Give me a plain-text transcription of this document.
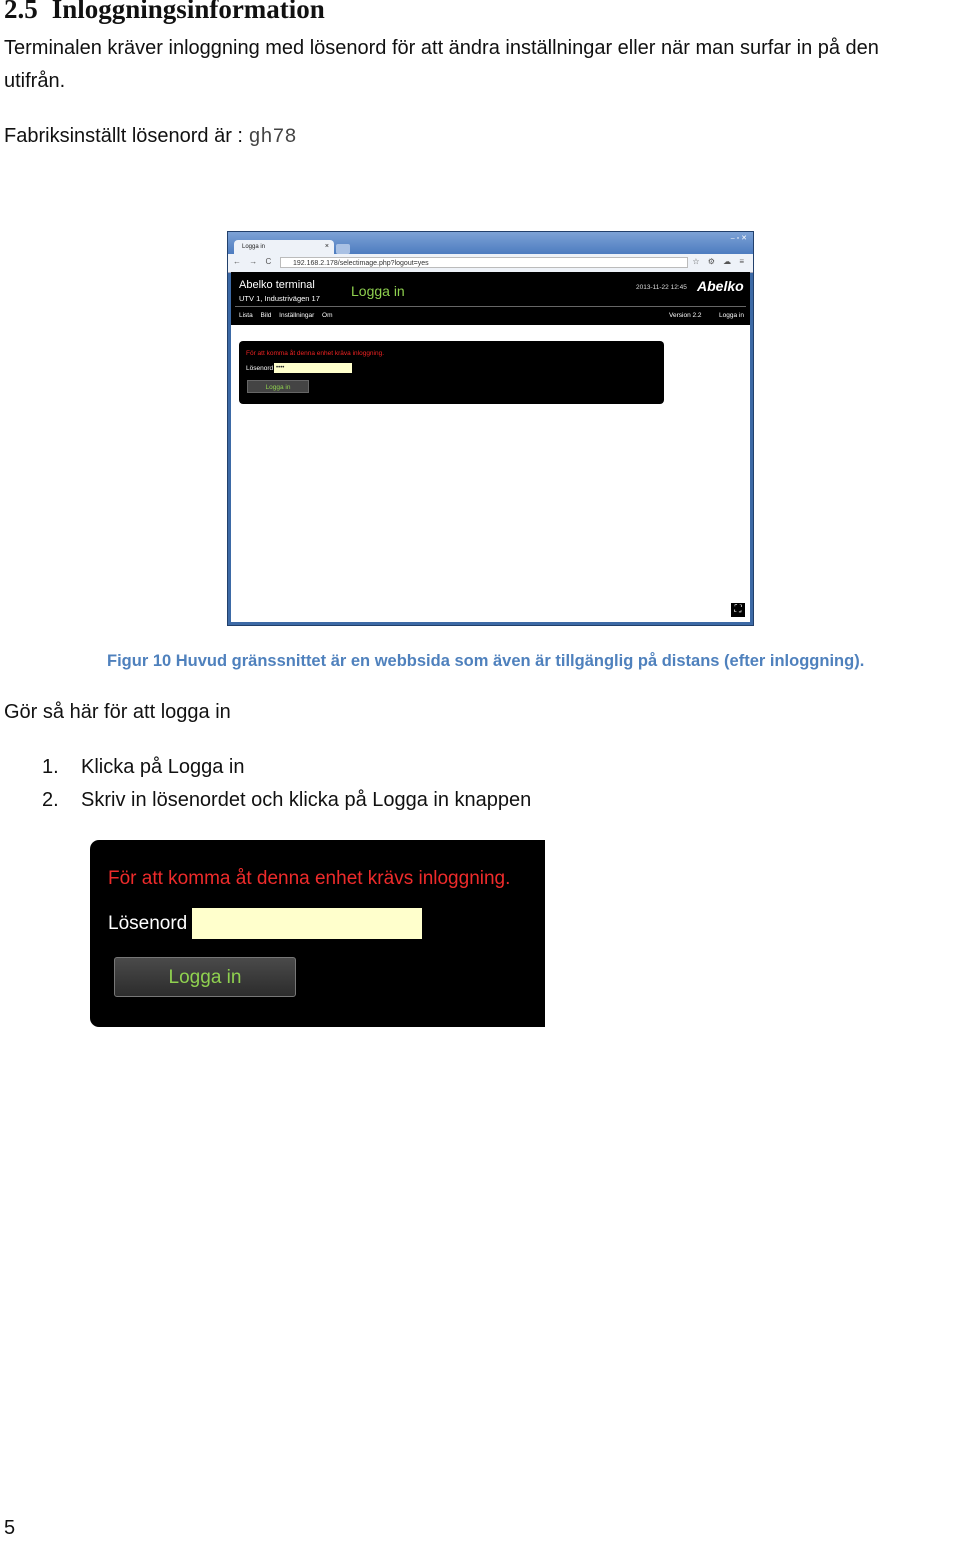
2.5 Inloggningsinformation
Terminalen kräver inloggning med lösenord för att ändra inställningar eller när man surfar in på den
utifrån.
Fabriksinställt lösenord är : gh78
Logga in	×
–▫✕
← → C	192.168.2.178/selectimage.php?logout=yes	☆ ⚙ ☁ ≡
Abelko terminal
UTV 1, Industrivägen 17 Logga in	2013-11-22 12:45 Abelko
Lista Bild Inställningar Om	Version 2.2	Logga in
För att komma åt denna enhet kräva inloggning.
Lösenord ••••
Logga in
⛶
Figur 10 Huvud gränssnittet är en webbsida som även är tillgänglig på distans (efter inloggning).
Gör så här för att logga in
1. Klicka på Logga in
2. Skriv in lösenordet och klicka på Logga in knappen
För att komma åt denna enhet krävs inloggning.
Lösenord
Logga in
5
